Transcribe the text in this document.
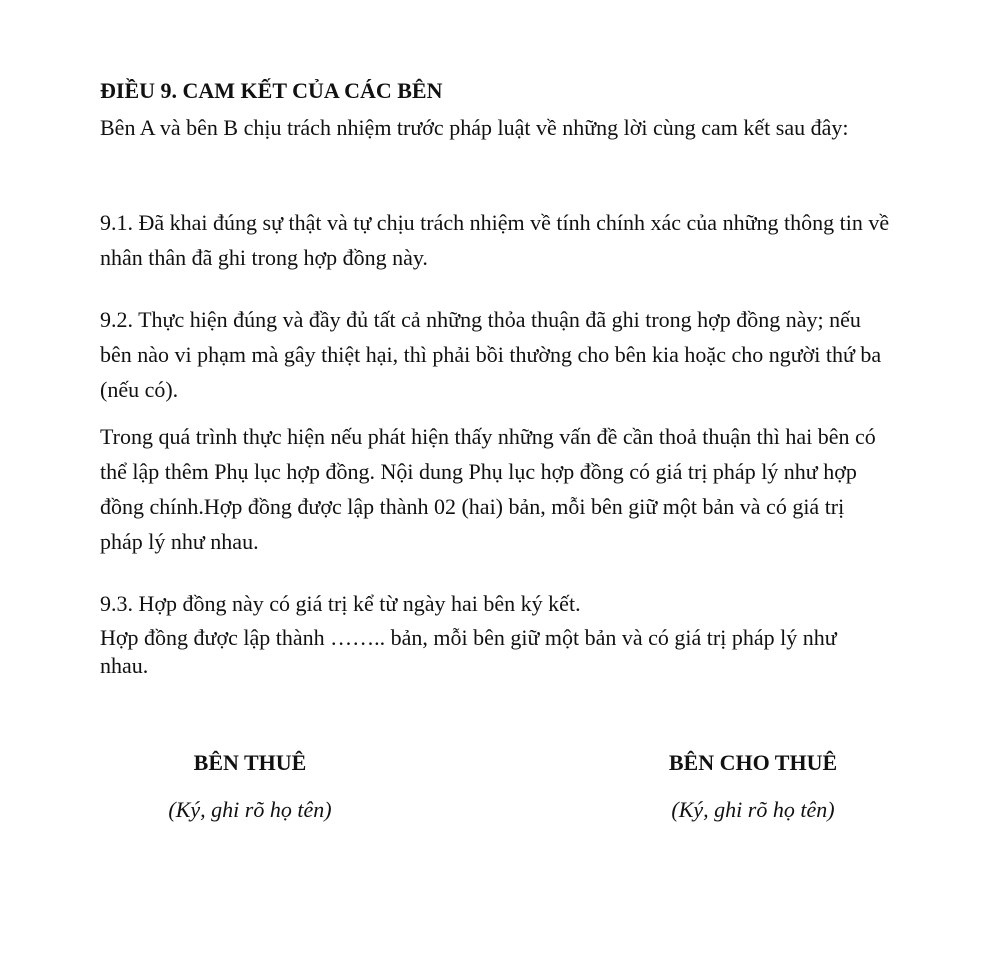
ĐIỀU 9. CAM KẾT CỦA CÁC BÊN

Bên A và bên B chịu trách nhiệm trước pháp luật về những lời cùng cam kết sau đây:

9.1. Đã khai đúng sự thật và tự chịu trách nhiệm về tính chính xác của những thông tin về nhân thân đã ghi trong hợp đồng này.

9.2. Thực hiện đúng và đầy đủ tất cả những thỏa thuận đã ghi trong hợp đồng này; nếu bên nào vi phạm mà gây thiệt hại, thì phải bồi thường cho bên kia hoặc cho người thứ ba (nếu có).

Trong quá trình thực hiện nếu phát hiện thấy những vấn đề cần thoả thuận thì hai bên có thể lập thêm Phụ lục hợp đồng. Nội dung Phụ lục hợp đồng có giá trị pháp lý như hợp đồng chính.Hợp đồng được lập thành 02 (hai) bản, mỗi bên giữ một bản và có giá trị pháp lý như nhau.

9.3. Hợp đồng này có giá trị kể từ ngày hai bên ký kết.

Hợp đồng được lập thành …….. bản, mỗi bên giữ một bản và có giá trị pháp lý như nhau.

BÊN THUÊ
(Ký, ghi rõ họ tên)
BÊN CHO THUÊ
(Ký, ghi rõ họ tên)
